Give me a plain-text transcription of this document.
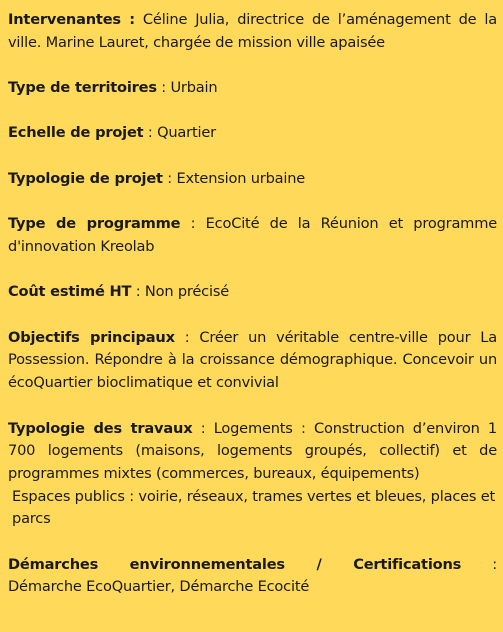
Intervenantes : Céline Julia, directrice de l’aménagement de la ville. Marine Lauret, chargée de mission ville apaisée

Type de territoires : Urbain

Echelle de projet : Quartier

Typologie de projet : Extension urbaine

Type de programme : EcoCité de la Réunion et programme d'innovation Kreolab

Coût estimé HT : Non précisé

Objectifs principaux : Créer un véritable centre-ville pour La Possession. Répondre à la croissance démographique. Concevoir un écoQuartier bioclimatique et convivial

Typologie des travaux : Logements : Construction d’environ 1 700 logements (maisons, logements groupés, collectif) et de programmes mixtes (commerces, bureaux, équipements)
Espaces publics : voirie, réseaux, trames vertes et bleues, places et parcs
Démarches environnementales / Certifications :
Démarche EcoQuartier, Démarche Ecocité
